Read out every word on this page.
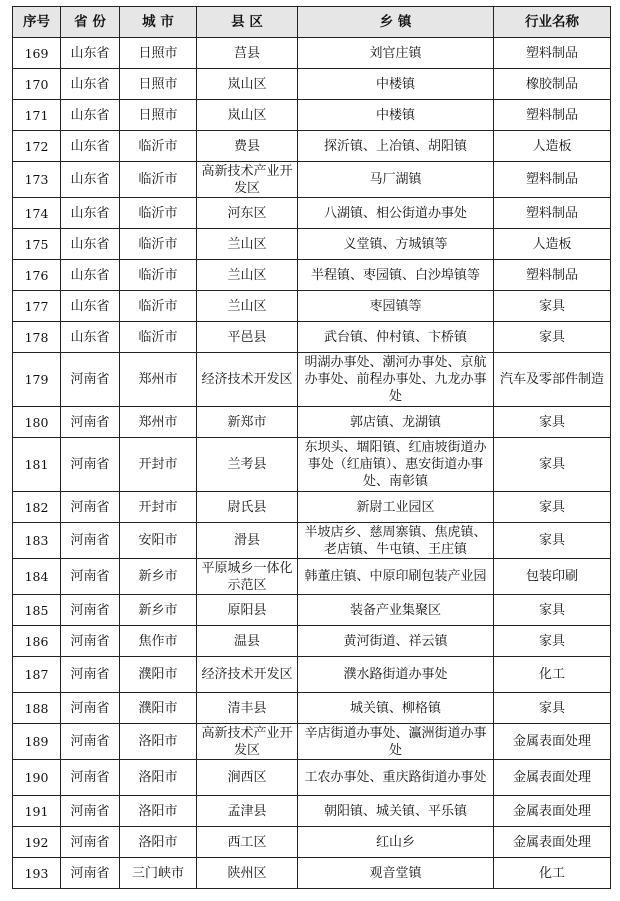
序号	省 份	城 市	县 区	乡 镇	行业名称
169	山东省	日照市	莒县	刘官庄镇	塑料制品
170	山东省	日照市	岚山区	中楼镇	橡胶制品
171	山东省	日照市	岚山区	中楼镇	塑料制品
172	山东省	临沂市	费县	探沂镇、上冶镇、胡阳镇	人造板
173	山东省	临沂市	高新技术产业开发区	马厂湖镇	塑料制品
174	山东省	临沂市	河东区	八湖镇、相公街道办事处	塑料制品
175	山东省	临沂市	兰山区	义堂镇、方城镇等	人造板
176	山东省	临沂市	兰山区	半程镇、枣园镇、白沙埠镇等	塑料制品
177	山东省	临沂市	兰山区	枣园镇等	家具
178	山东省	临沂市	平邑县	武台镇、仲村镇、卞桥镇	家具
179	河南省	郑州市	经济技术开发区	明湖办事处、潮河办事处、京航办事处、前程办事处、九龙办事处	汽车及零部件制造
180	河南省	郑州市	新郑市	郭店镇、龙湖镇	家具
181	河南省	开封市	兰考县	东坝头、堌阳镇、红庙坡街道办事处（红庙镇）、惠安街道办事处、南彰镇	家具
182	河南省	开封市	尉氏县	新尉工业园区	家具
183	河南省	安阳市	滑县	半坡店乡、慈周寨镇、焦虎镇、老店镇、牛屯镇、王庄镇	家具
184	河南省	新乡市	平原城乡一体化示范区	韩董庄镇、中原印刷包装产业园	包装印刷
185	河南省	新乡市	原阳县	装备产业集聚区	家具
186	河南省	焦作市	温县	黄河街道、祥云镇	家具
187	河南省	濮阳市	经济技术开发区	濮水路街道办事处	化工
188	河南省	濮阳市	清丰县	城关镇、柳格镇	家具
189	河南省	洛阳市	高新技术产业开发区	辛店街道办事处、瀛洲街道办事处	金属表面处理
190	河南省	洛阳市	涧西区	工农办事处、重庆路街道办事处	金属表面处理
191	河南省	洛阳市	孟津县	朝阳镇、城关镇、平乐镇	金属表面处理
192	河南省	洛阳市	西工区	红山乡	金属表面处理
193	河南省	三门峡市	陕州区	观音堂镇	化工
